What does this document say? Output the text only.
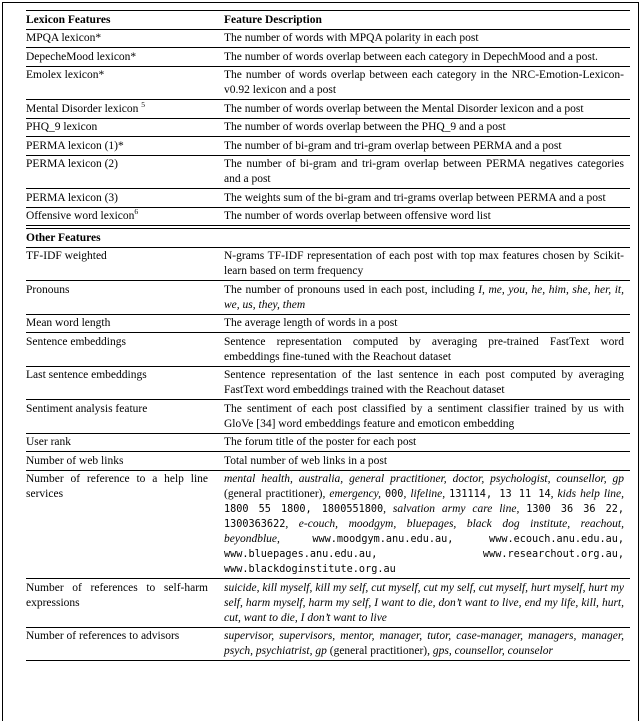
Lexicon Features	Feature Description
MPQA lexicon*	The number of words with MPQA polarity in each post
DepecheMood lexicon*	The number of words overlap between each category in DepechMood and a post.
Emolex lexicon*	The number of words overlap between each category in the NRC-Emotion-Lexicon-v0.92 lexicon and a post
Mental Disorder lexicon $^5$	The number of words overlap between the Mental Disorder lexicon and a post
PHQ_9 lexicon	The number of words overlap between the PHQ_9 and a post
PERMA lexicon (1)*	The number of bi-gram and tri-gram overlap between PERMA and a post
PERMA lexicon (2)	The number of bi-gram and tri-gram overlap between PERMA negatives categories and a post
PERMA lexicon (3)	The weights sum of the bi-gram and tri-grams overlap between PERMA and a post
Offensive word lexicon$^6$	The number of words overlap between offensive word list
Other Features	
TF-IDF weighted	N-grams TF-IDF representation of each post with top max features chosen by Scikit-learn based on term frequency
Pronouns	The number of pronouns used in each post, including I, me, you, he, him, she, her, it, we, us, they, them
Mean word length	The average length of words in a post
Sentence embeddings	Sentence representation computed by averaging pre-trained FastText word embeddings fine-tuned with the Reachout dataset
Last sentence embeddings	Sentence representation of the last sentence in each post computed by averaging FastText word embeddings trained with the Reachout dataset
Sentiment analysis feature	The sentiment of each post classified by a sentiment classifier trained by us with GloVe [34] word embeddings feature and emoticon embedding
User rank	The forum title of the poster for each post
Number of web links	Total number of web links in a post
Number of reference to a help line services	mental health, australia, general practitioner, doctor, psychologist, counsellor, gp (general practitioner), emergency, 000, lifeline, 131114, 13 11 14, kids help line, 1800 55 1800, 1800551800, salvation army care line, 1300 36 36 22, 1300363622, e-couch, moodgym, bluepages, black dog institute, reachout, beyondblue, www.moodgym.anu.edu.au, www.ecouch.anu.edu.au, www.bluepages.anu.edu.au, www.researchout.org.au, www.blackdoginstitute.org.au
Number of references to self-harm expressions	suicide, kill myself, kill my self, cut myself, cut my self, cut myself, hurt myself, hurt my self, harm myself, harm my self, I want to die, don’t want to live, end my life, kill, hurt, cut, want to die, I don’t want to live
Number of references to advisors	supervisor, supervisors, mentor, manager, tutor, case-manager, managers, manager, psych, psychiatrist, gp (general practitioner), gps, counsellor, counselor
